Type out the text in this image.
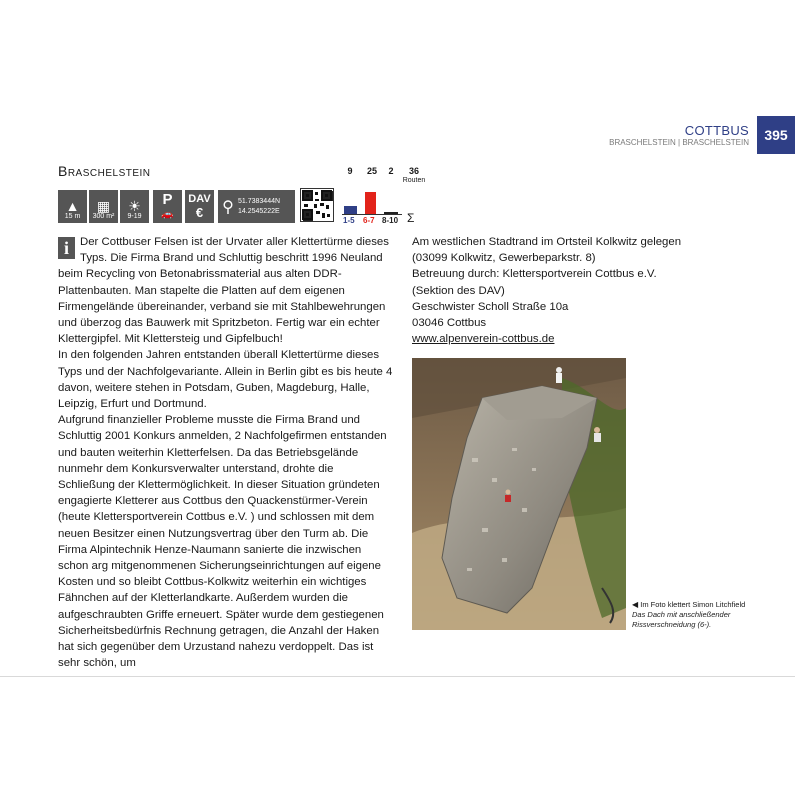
COTTBUS
BRASCHELSTEIN | BRASCHELSTEIN	395
Braschelstein
▲
15 m
▦
300 m²
☀
9-19
P
🚗
DAV
€ ⚲ 51.7383444N
14.2545222E
9	25	2	36
Routen
1-5 6-7 8-10 Σ
i Der Cottbuser Felsen ist der Urvater aller Klettertürme dieses Typs. Die Firma Brand und Schluttig beschritt 1996 Neuland beim Recycling von Betonabrissmaterial aus alten DDR-Plattenbauten. Man stapelte die Platten auf dem eigenen Firmengelände übereinander, verband sie mit Stahlbewehrungen und überzog das Bauwerk mit Spritzbeton. Fertig war ein echter Klettergipfel. Mit Klettersteig und Gipfelbuch!

In den folgenden Jahren entstanden überall Klettertürme dieses Typs und der Nachfolgevariante. Allein in Berlin gibt es bis heute 4 davon, weitere stehen in Potsdam, Guben, Magdeburg, Halle, Leipzig, Erfurt und Dortmund.

Aufgrund finanzieller Probleme musste die Firma Brand und Schluttig 2001 Konkurs anmelden, 2 Nachfolgefirmen entstanden und bauten weiterhin Kletterfelsen. Da das Betriebsgelände nunmehr dem Konkursverwalter unterstand, drohte die Schließung der Klettermöglichkeit. In dieser Situation gründeten engagierte Kletterer aus Cottbus den Quackenstürmer-Verein (heute Klettersportverein Cottbus e.V. ) und schlossen mit dem neuen Besitzer einen Nutzungsvertrag über den Turm ab. Die Firma Alpintechnik Henze-Naumann sanierte die inzwischen schon arg mitgenommenen Sicherungseinrichtungen auf eigene Kosten und so bleibt Cottbus-Kolkwitz weiterhin ein wichtiges Fähnchen auf der Kletterlandkarte. Außerdem wurden die aufgeschraubten Griffe erneuert. Später wurde dem gestiegenen Sicherheitsbedürfnis Rechnung getragen, die Anzahl der Haken hat sich gegenüber dem Urzustand nahezu verdoppelt. Das ist sehr schön, um

Am westlichen Stadtrand im Ortsteil Kolkwitz gelegen

(03099 Kolkwitz, Gewerbeparkstr. 8)

Betreuung durch: Klettersportverein Cottbus e.V.

(Sektion des DAV)

Geschwister Scholl Straße 10a

03046 Cottbus

www.alpenverein-cottbus.de

◀ Im Foto klettert Simon Litchfield
Das Dach mit anschließender
Rissverschneidung (6-).
